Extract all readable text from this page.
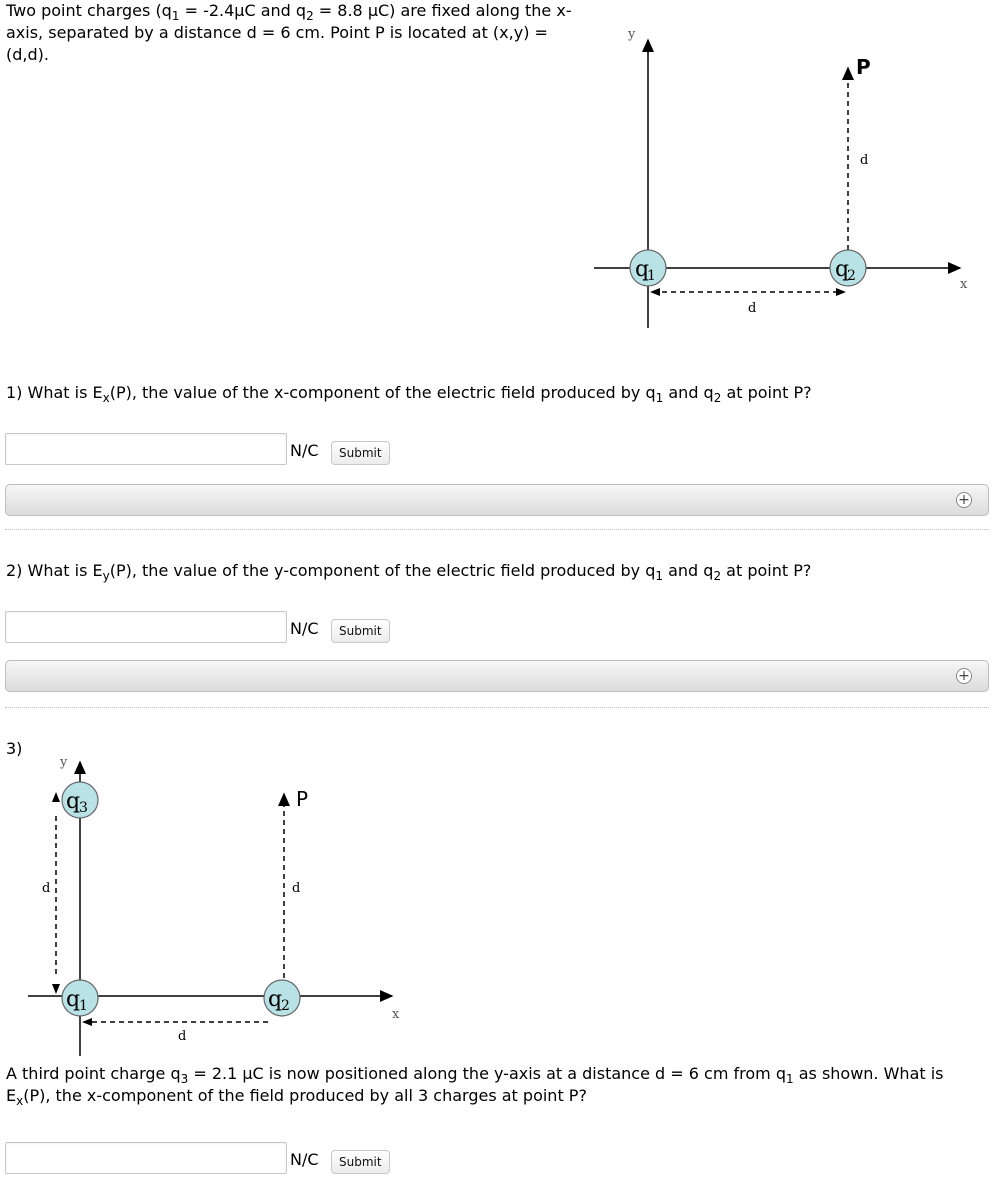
Two point charges ($q_1 = -2.4\mu C$ and $q_2 = 8.8$ μC) are fixed along the x-axis, separated by a distance d = 6 cm. Point P is located at (x,y) = (d,d).
y
x
P
d
d
q
1	q
2
1) What is $E_x(P)$, the value of the x-component of the electric field produced by $q_1$ and $q_2$ at point P?
N/C	Submit
+
2) What is $E_y(P)$, the value of the y-component of the electric field produced by $q_1$ and $q_2$ at point P?
N/C	Submit
+
3)
y
x
d
P
d
d
q
3
q
1	q
2
A third point charge $q_3 = 2.1$ μC is now positioned along the y-axis at a distance d = 6 cm from $q_1$ as shown. What is
$E_x(P)$, the x-component of the field produced by all 3 charges at point P?
N/C	Submit
